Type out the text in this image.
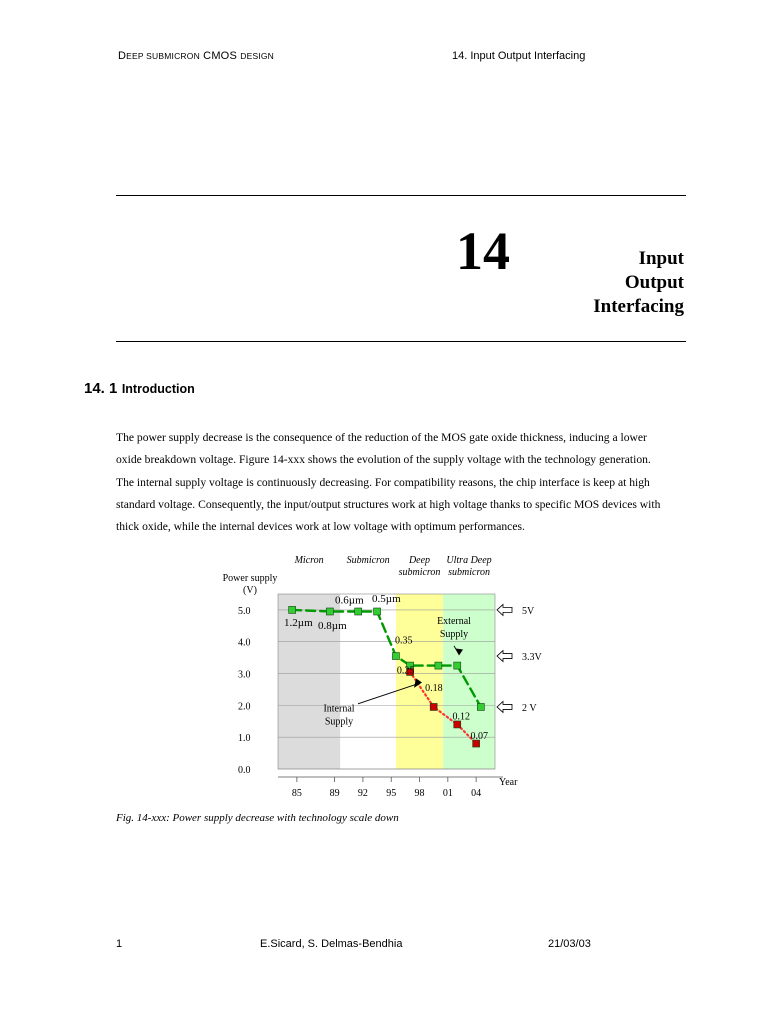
DEEP SUBMICRON CMOS DESIGN	14. Input Output Interfacing
14	Input
Output
Interfacing
14. 1 Introduction
The power supply decrease is the consequence of the reduction of the MOS gate oxide thickness, inducing a lower
oxide breakdown voltage. Figure 14-xxx shows the evolution of the supply voltage with the technology generation.
The internal supply voltage is continuously decreasing. For compatibility reasons, the chip interface is keep at high
standard voltage. Consequently, the input/output structures work at high voltage thanks to specific MOS devices with
thick oxide, while the internal devices work at low voltage with optimum performances.
Micron Submicron Deep
submicron
Ultra Deep
submicron
5.0
4.0
3.0
2.0
1.0
0.0
85	89 92 95 98 01 04
Power supply
(V)
Year
1.2µm 0.8µm
0.6µm 0.5µm
0.35
0.25
0.18
0.12
0.07
External
Supply
Internal
Supply
5V
3.3V
2 V
Fig. 14-xxx: Power supply decrease with technology scale down
1	E.Sicard, S. Delmas-Bendhia	21/03/03
